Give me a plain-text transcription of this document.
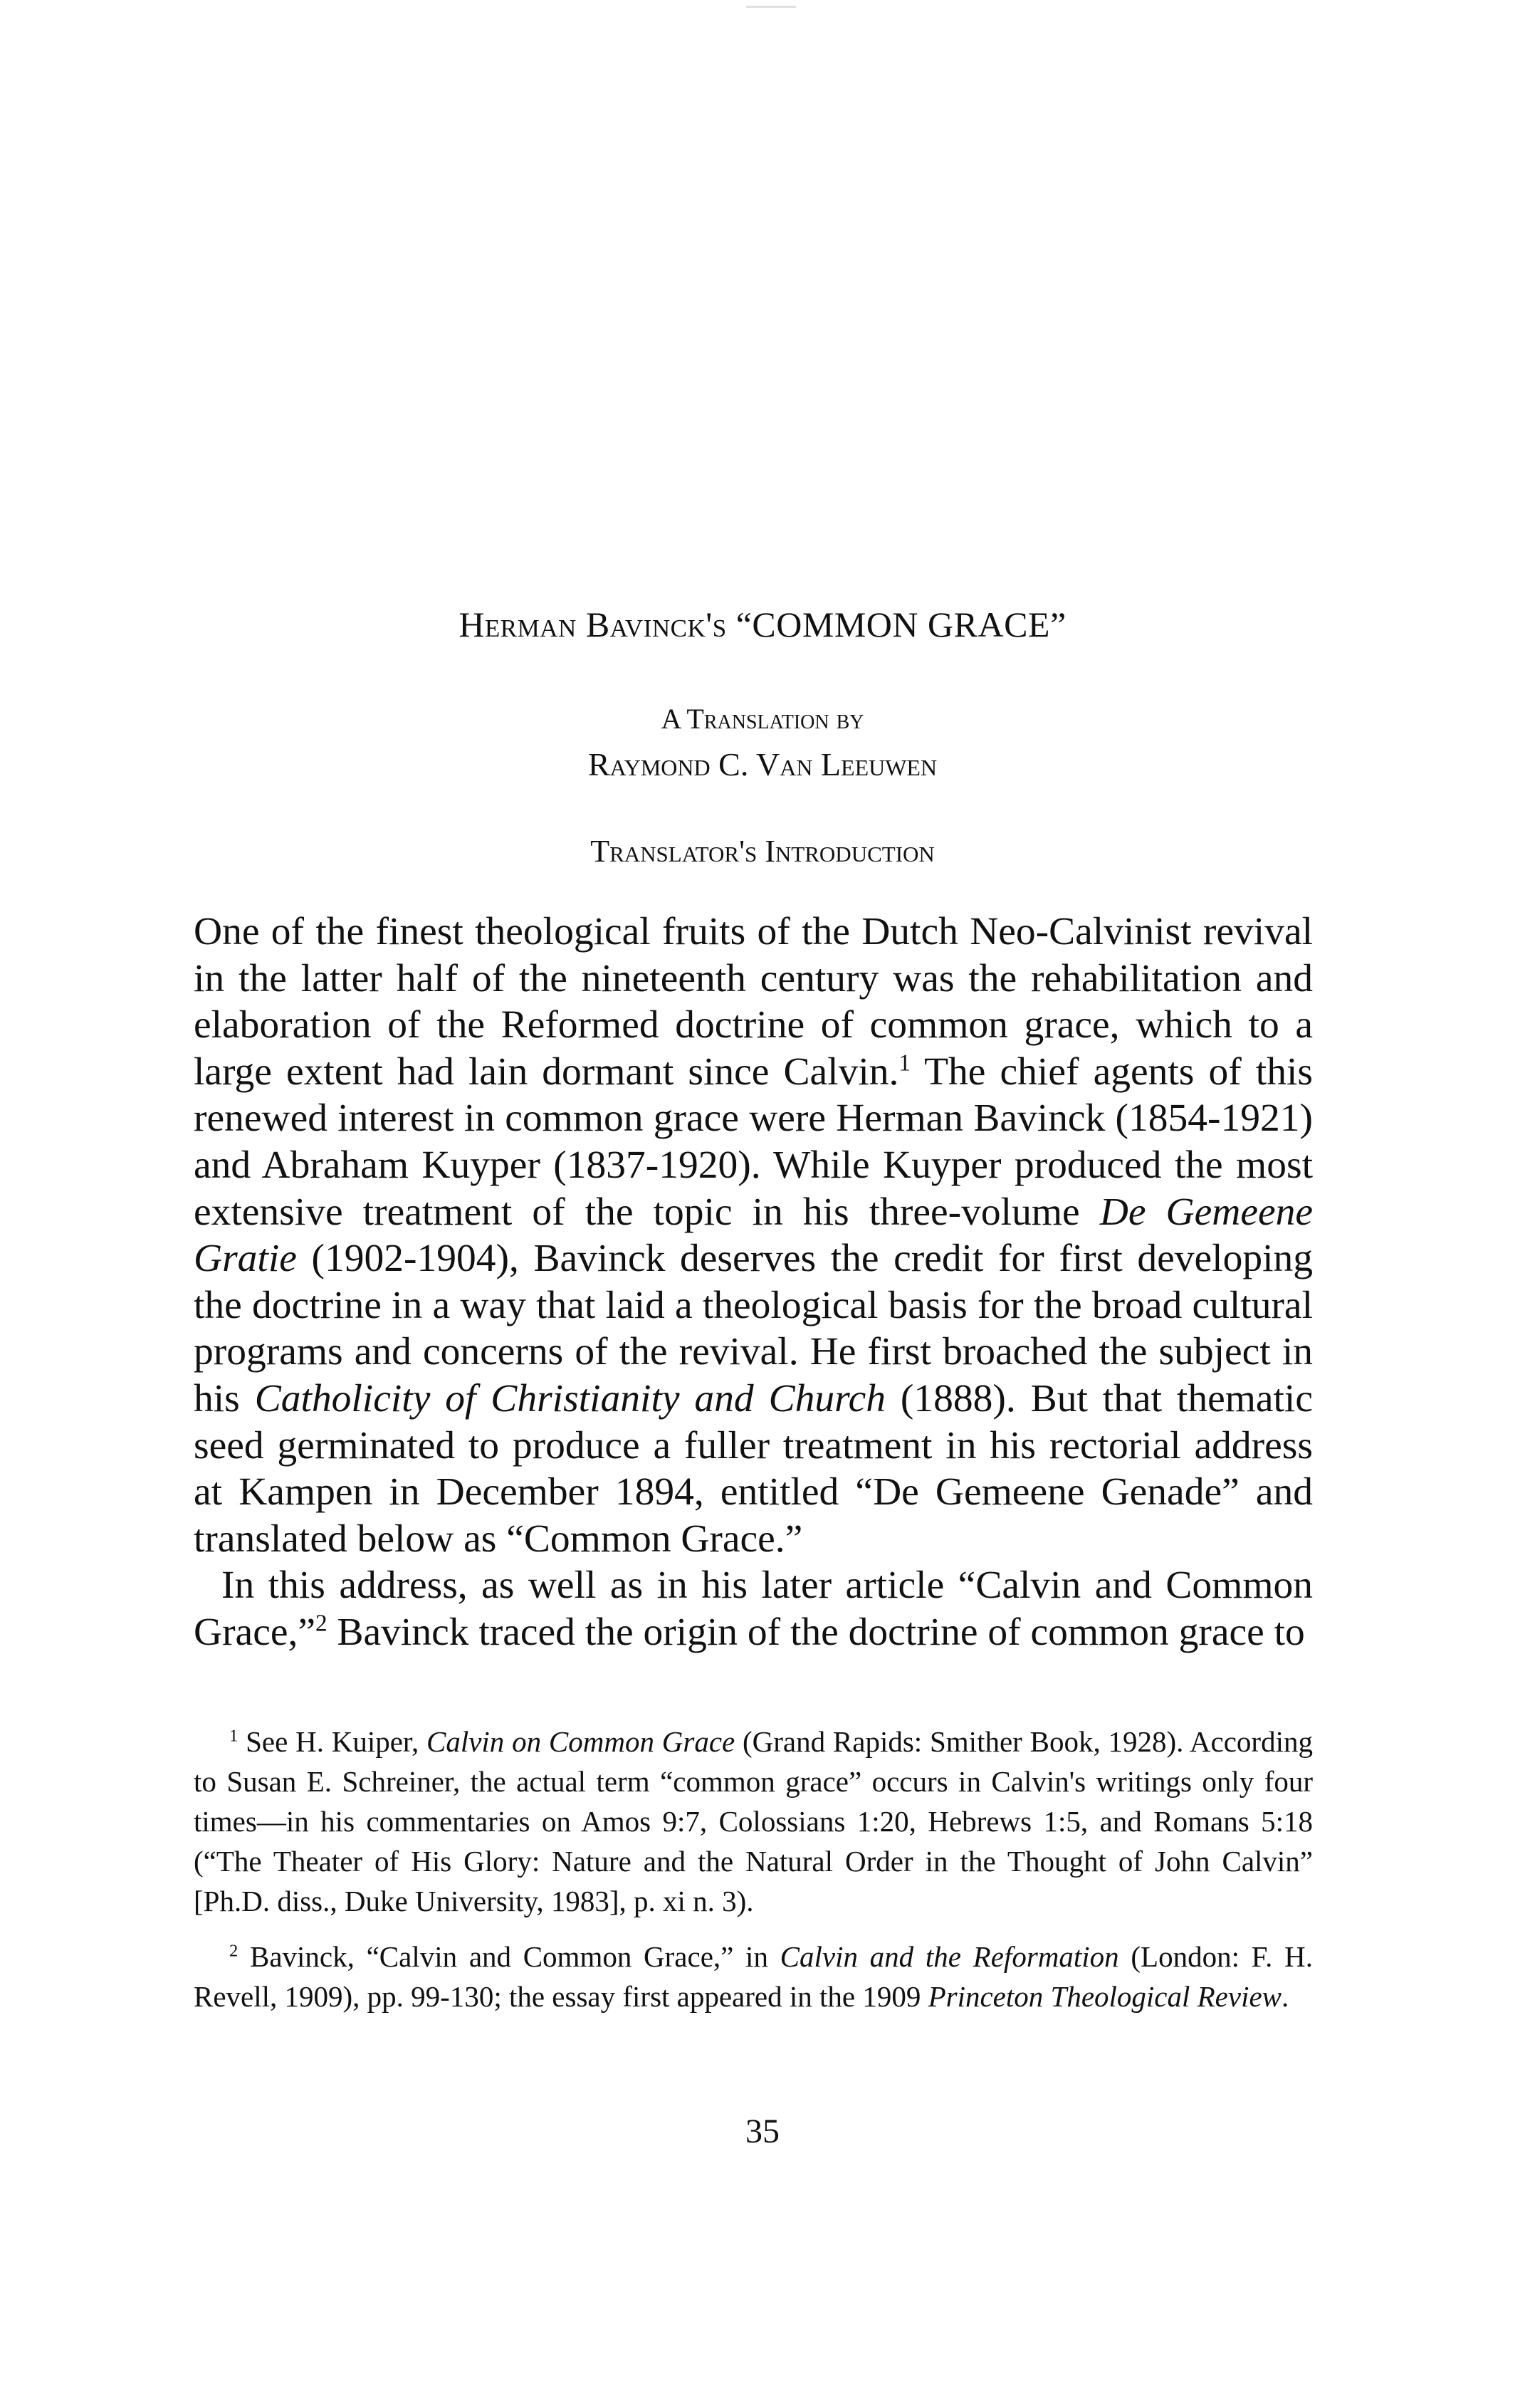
Herman Bavinck's “COMMON GRACE”
A Translation by
Raymond C. Van Leeuwen
Translator's Introduction

One of the finest theological fruits of the Dutch Neo-Calvinist revival in the latter half of the nineteenth century was the rehabilitation and elaboration of the Reformed doctrine of common grace, which to a large extent had lain dormant since Calvin.$^1$ The chief agents of this renewed interest in common grace were Herman Bavinck (1854-1921) and Abraham Kuyper (1837-1920). While Kuyper produced the most extensive treatment of the topic in his three-volume De Gemeene Gratie (1902-1904), Bavinck deserves the credit for first developing the doctrine in a way that laid a theological basis for the broad cultural programs and concerns of the revival. He first broached the subject in his Catholicity of Christianity and Church (1888). But that thematic seed germinated to produce a fuller treatment in his rectorial address at Kampen in December 1894, entitled “De Gemeene Genade” and translated below as “Common Grace.”

In this address, as well as in his later article “Calvin and Common Grace,”$^2$ Bavinck traced the origin of the doctrine of common grace to

$^1$ See H. Kuiper, Calvin on Common Grace (Grand Rapids: Smither Book, 1928). According to Susan E. Schreiner, the actual term “common grace” occurs in Calvin's writings only four times—in his commentaries on Amos 9:7, Colossians 1:20, Hebrews 1:5, and Romans 5:18 (“The Theater of His Glory: Nature and the Natural Order in the Thought of John Calvin” [Ph.D. diss., Duke University, 1983], p. xi n. 3).

$^2$ Bavinck, “Calvin and Common Grace,” in Calvin and the Reformation (London: F. H. Revell, 1909), pp. 99-130; the essay first appeared in the 1909 Princeton Theological Review.

35
